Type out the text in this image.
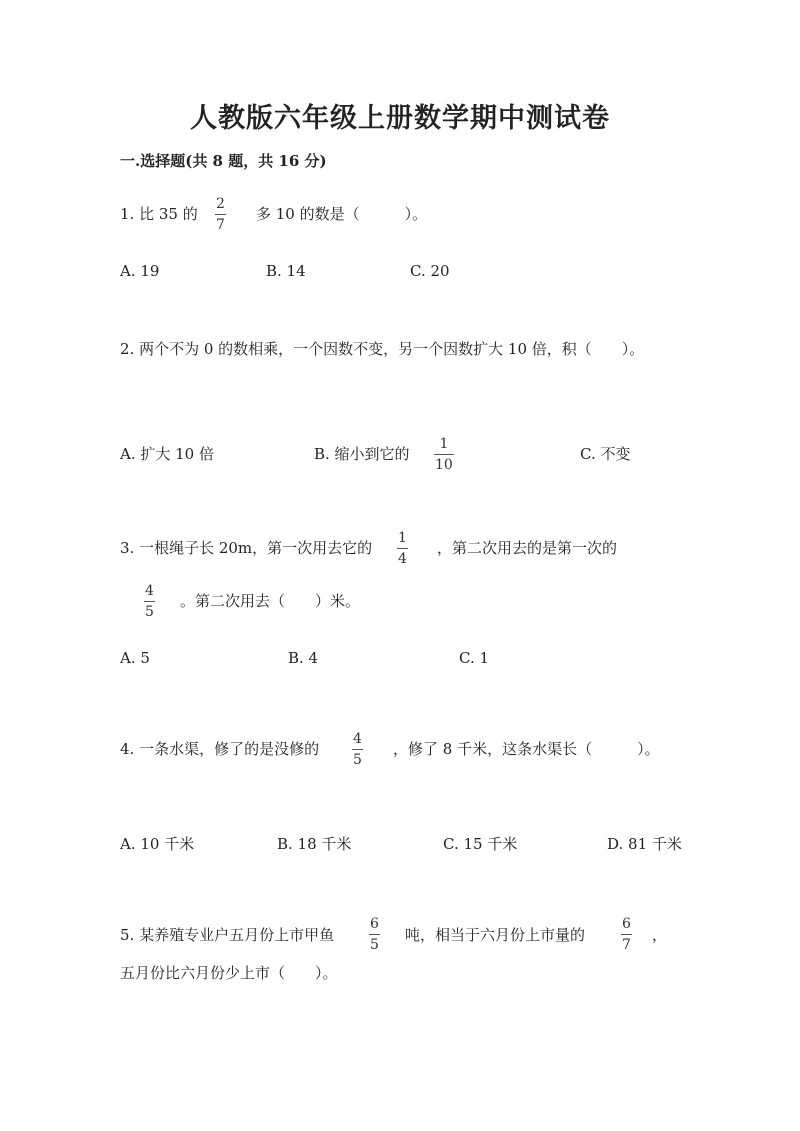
人教版六年级上册数学期中测试卷
一.选择题(共 8 题，共 16 分)
1. 比 35 的
2
7
多 10 的数是（　　　）。
A. 19	B. 14	C. 20
2. 两个不为 0 的数相乘，一个因数不变，另一个因数扩大 10 倍，积（　　）。
A. 扩大 10 倍	B. 缩小到它的
1
10
C. 不变
3. 一根绳子长 20m，第一次用去它的
1
4
，第二次用去的是第一次的
4
5
。第二次用去（　　）米。
A. 5	B. 4	C. 1
4. 一条水渠，修了的是没修的
4
5
，修了 8 千米，这条水渠长（　　　）。
A. 10 千米	B. 18 千米	C. 15 千米	D. 81 千米
5. 某养殖专业户五月份上市甲鱼
6
5
吨，相当于六月份上市量的
6
7
，
五月份比六月份少上市（　　）。
